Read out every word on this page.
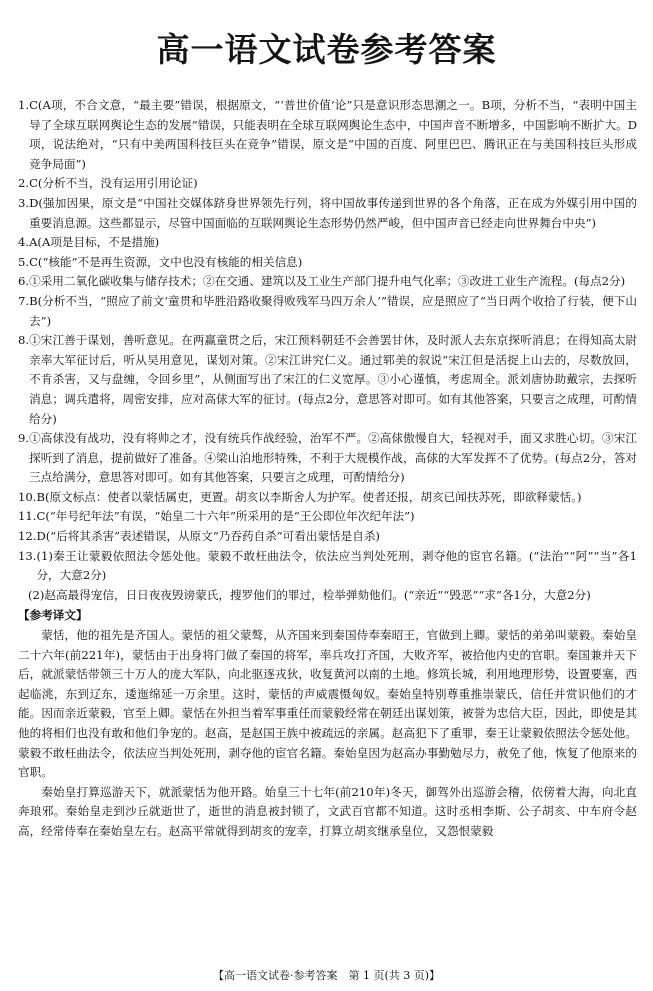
高一语文试卷参考答案
1. C(A项，不合文意，“最主要”错误，根据原文，“‘普世价值’论”只是意识形态思潮之一。B项，分析不当，“表明中国主导了全球互联网舆论生态的发展”错误，只能表明在全球互联网舆论生态中，中国声音不断增多，中国影响不断扩大。D项，说法绝对，“只有中美两国科技巨头在竞争”错误，原文是“中国的百度、阿里巴巴、腾讯正在与美国科技巨头形成竞争局面”)
2. C(分析不当，没有运用引用论证)
3. D(强加因果，原文是“中国社交媒体跻身世界领先行列，将中国故事传递到世界的各个角落，正在成为外媒引用中国的重要消息源。这些都显示，尽管中国面临的互联网舆论生态形势仍然严峻，但中国声音已经走向世界舞台中央”)
4. A(A项是目标，不是措施)
5. C(“核能”不是再生资源，文中也没有核能的相关信息)
6. ①采用二氧化碳收集与储存技术；②在交通、建筑以及工业生产部门提升电气化率；③改进工业生产流程。(每点2分)
7. B(分析不当，“照应了前文‘童贯和毕胜沿路收聚得败残军马四万余人’”错误，应是照应了“当日两个收拾了行装，便下山去”)
8. ①宋江善于谋划，善听意见。在两赢童贯之后，宋江预料朝廷不会善罢甘休，及时派人去东京探听消息；在得知高太尉亲率大军征讨后，听从吴用意见，谋划对策。②宋江讲究仁义。通过郓美的叙说“宋江但是活捉上山去的，尽数放回，不肯杀害，又与盘缠，令回乡里”，从侧面写出了宋江的仁义宽厚。③小心谨慎，考虑周全。派刘唐协助戴宗，去探听消息；调兵遣将，周密安排，应对高俅大军的征讨。(每点2分，意思答对即可。如有其他答案，只要言之成理，可酌情给分)
9. ①高俅没有战功，没有将帅之才，没有统兵作战经验，治军不严。②高俅傲慢自大，轻视对手，面又求胜心切。③宋江探听到了消息，提前做好了准备。④梁山泊地形特殊，不利于大规模作战，高俅的大军发挥不了优势。(每点2分，答对三点给满分，意思答对即可。如有其他答案，只要言之成理，可酌情给分)
10. B(原文标点：使者以蒙恬属吏，更置。胡亥以李斯舍人为护军。使者还报，胡亥已闻扶苏死，即欲释蒙恬。)
11. C(“年号纪年法”有误，“始皇二十六年”所采用的是“王公即位年次纪年法”)
12. D(“后将其杀害”表述错误，从原文“乃吞药自杀”可看出蒙恬是自杀)
13. (1)秦王让蒙毅依照法令惩处他。蒙毅不敢枉曲法令，依法应当判处死刑，剥夺他的宦官名籍。(“法治”“阿”“当”各1分，大意2分)
(2)赵高最得宠信，日日夜夜毁谤蒙氏，搜罗他们的罪过，检举弹劾他们。(“亲近”“毁恶”“求”各1分，大意2分)
【参考译文】
蒙恬，他的祖先是齐国人。蒙恬的祖父蒙骜，从齐国来到秦国侍奉秦昭王，官做到上卿。蒙恬的弟弟叫蒙毅。秦始皇二十六年(前221年)，蒙恬由于出身将门做了秦国的将军，率兵攻打齐国，大败齐军，被拾他内史的官职。秦国兼并天下后，就派蒙恬带领三十万人的庞大军队，向北驱逐戎狄，收复黄河以南的土地。修筑长城，利用地理形势，设置要塞，西起临洮，东到辽东，逶迤绵延一万余里。这时，蒙恬的声威震慑匈奴。秦始皇特别尊重推崇蒙氏，信任并赏识他们的才能。因而亲近蒙毅，官至上卿。蒙恬在外担当着军事重任而蒙毅经常在朝廷出谋划策，被誉为忠信大臣，因此，即使是其他的将相们也没有敢和他们争宠的。赵高，是赵国王族中被疏远的亲属。赵高犯下了重罪，秦王让蒙毅依照法令惩处他。蒙毅不敢枉曲法令，依法应当判处死刑，剥夺他的宦官名籍。秦始皇因为赵高办事勤勉尽力，赦免了他，恢复了他原来的官职。
秦始皇打算巡游天下，就派蒙恬为他开路。始皇三十七年(前210年)冬天，御驾外出巡游会稽，依傍着大海，向北直奔琅邪。秦始皇走到沙丘就逝世了，逝世的消息被封锁了，文武百官都不知道。这时丞相李斯、公子胡亥、中车府令赵高，经常侍奉在秦始皇左右。赵高平常就得到胡亥的宠幸，打算立胡亥继承皇位，又怨恨蒙毅
【高一语文试卷·参考答案　第 1 页(共 3 页)】
